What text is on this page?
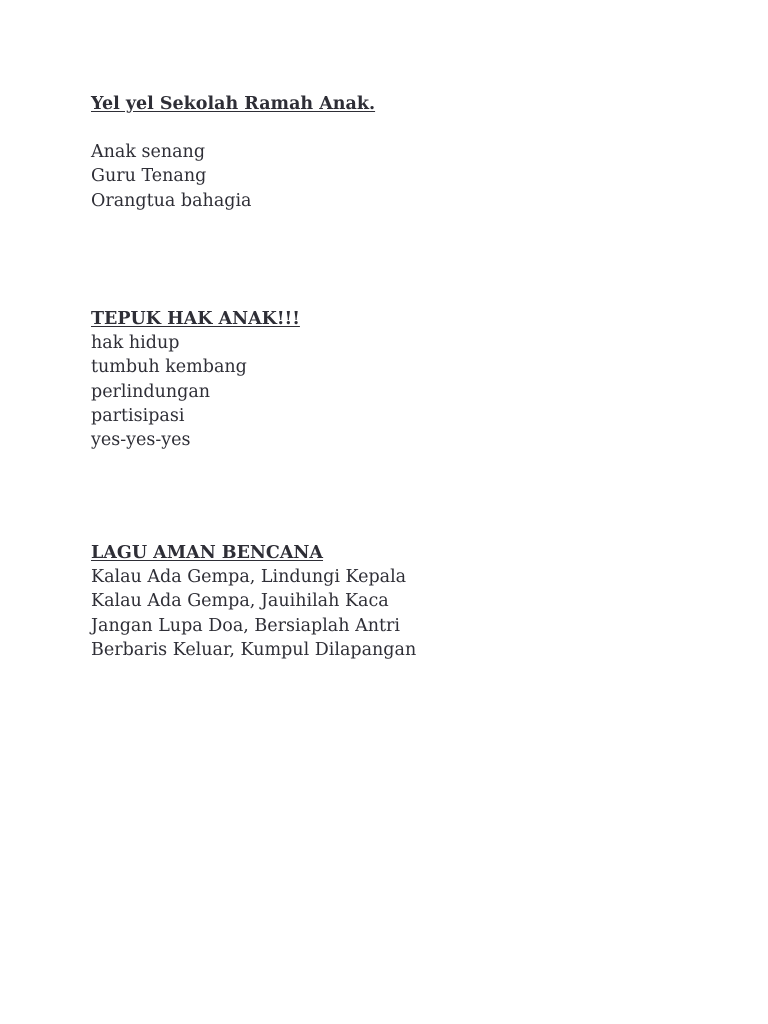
Yel yel Sekolah Ramah Anak.

Anak senang

Guru Tenang

Orangtua bahagia

TEPUK HAK ANAK!!!

hak hidup

tumbuh kembang

perlindungan

partisipasi

yes-yes-yes

LAGU AMAN BENCANA

Kalau Ada Gempa, Lindungi Kepala

Kalau Ada Gempa, Jauihilah Kaca

Jangan Lupa Doa, Bersiaplah Antri

Berbaris Keluar, Kumpul Dilapangan
